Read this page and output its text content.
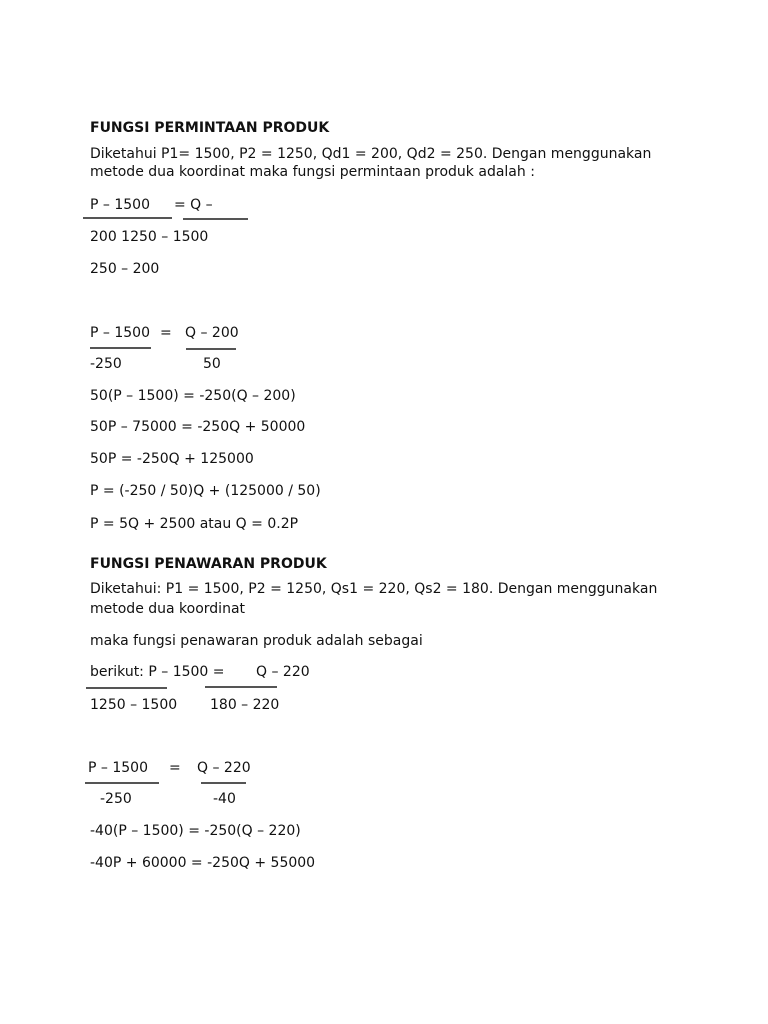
FUNGSI PERMINTAAN PRODUK
Diketahui P1= 1500, P2 = 1250, Qd1 = 200, Qd2 = 250. Dengan menggunakan
metode dua koordinat maka fungsi permintaan produk adalah :
P – 1500 = Q –
200 1250 – 1500
250 – 200
P – 1500 = Q – 200
-250	50
50(P – 1500) = -250(Q – 200)
50P – 75000 = -250Q + 50000
50P = -250Q + 125000
P = (-250 / 50)Q + (125000 / 50)
P = 5Q + 2500 atau Q = 0.2P
FUNGSI PENAWARAN PRODUK
Diketahui: P1 = 1500, P2 = 1250, Qs1 = 220, Qs2 = 180. Dengan menggunakan
metode dua koordinat
maka fungsi penawaran produk adalah sebagai
berikut: P – 1500 = Q – 220
1250 – 1500 180 – 220
P – 1500 = Q – 220
-250	-40
-40(P – 1500) = -250(Q – 220)
-40P + 60000 = -250Q + 55000
